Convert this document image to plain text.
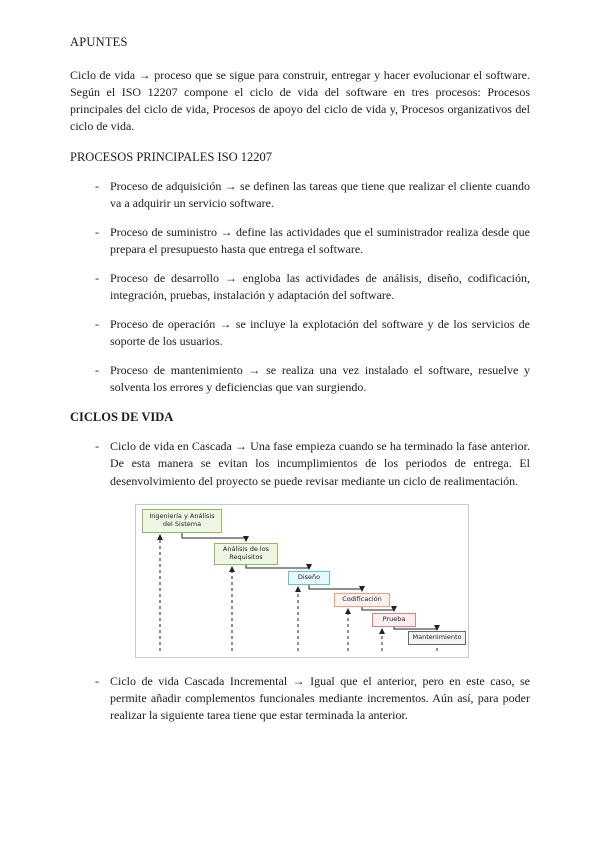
APUNTES

Ciclo de vida → proceso que se sigue para construir, entregar y hacer evolucionar el software. Según el ISO 12207 compone el ciclo de vida del software en tres procesos: Procesos principales del ciclo de vida, Procesos de apoyo del ciclo de vida y, Procesos organizativos del ciclo de vida.

PROCESOS PRINCIPALES ISO 12207
- Proceso de adquisición → se definen las tareas que tiene que realizar el cliente cuando va a adquirir un servicio software.
- Proceso de suministro → define las actividades que el suministrador realiza desde que prepara el presupuesto hasta que entrega el software.
- Proceso de desarrollo → engloba las actividades de análisis, diseño, codificación, integración, pruebas, instalación y adaptación del software.
- Proceso de operación → se incluye la explotación del software y de los servicios de soporte de los usuarios.
- Proceso de mantenimiento → se realiza una vez instalado el software, resuelve y solventa los errores y deficiencias que van surgiendo.
CICLOS DE VIDA
- Ciclo de vida en Cascada → Una fase empieza cuando se ha terminado la fase anterior. De esta manera se evitan los incumplimientos de los periodos de entrega. El desenvolvimiento del proyecto se puede revisar mediante un ciclo de realimentación.
Ingeniería y Análisis del Sistema
Análisis de los Requisitos
Diseño
Codificación
Prueba
Mantenimiento
- Ciclo de vida Cascada Incremental → Igual que el anterior, pero en este caso, se permite añadir complementos funcionales mediante incrementos. Aún así, para poder realizar la siguiente tarea tiene que estar terminada la anterior.
